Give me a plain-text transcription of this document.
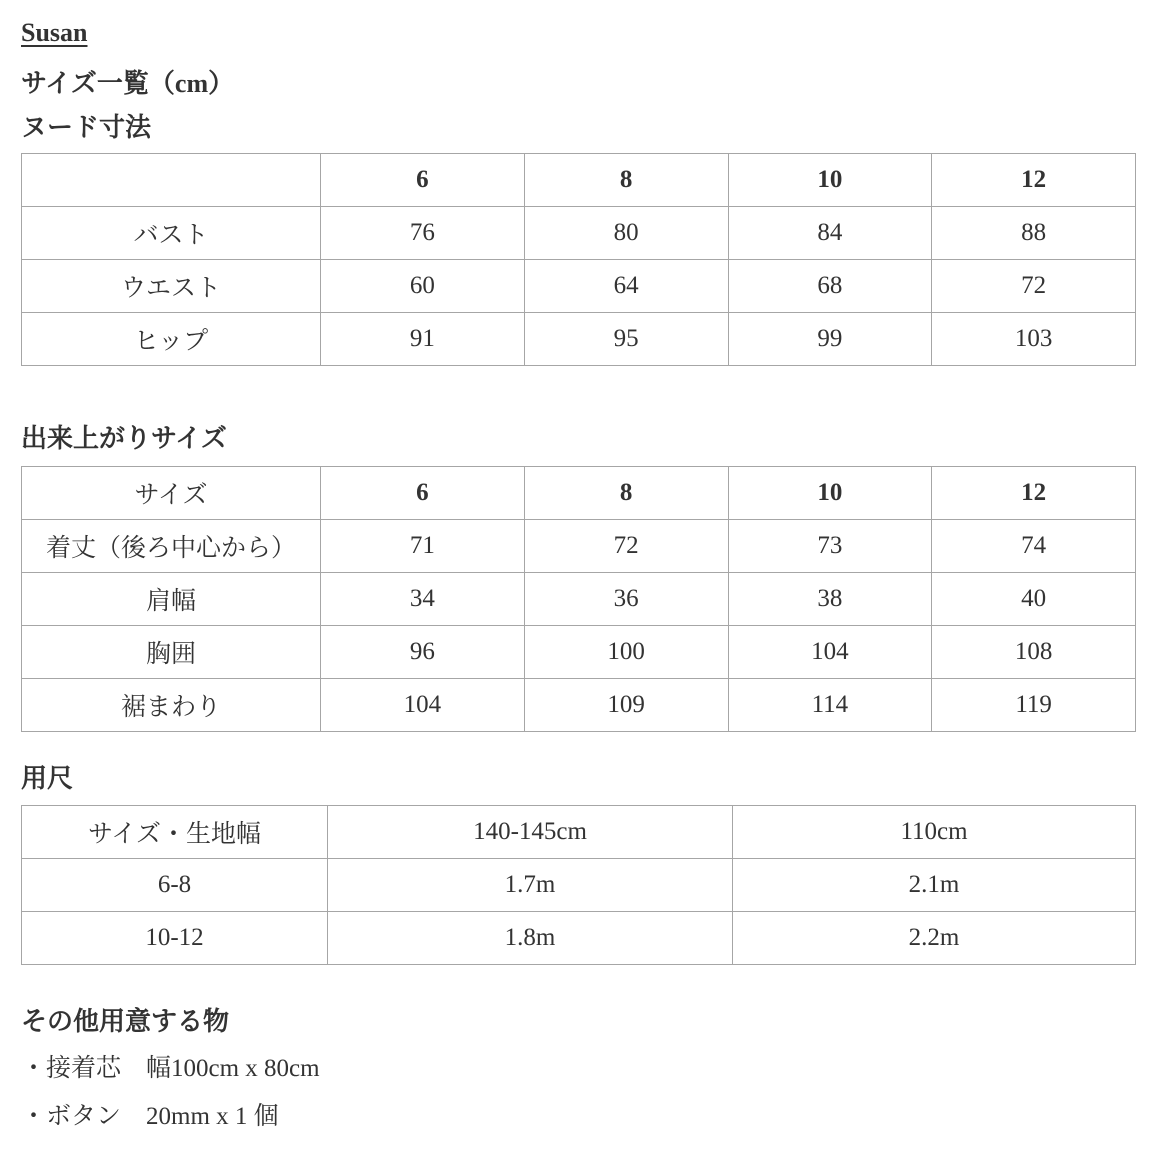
Susan
サイズ一覧（cm）
ヌード寸法
	6	8	10	12
バスト	76	80	84	88
ウエスト	60	64	68	72
ヒップ	91	95	99	103
出来上がりサイズ
サイズ	6	8	10	12
着丈（後ろ中心から）	71	72	73	74
肩幅	34	36	38	40
胸囲	96	100	104	108
裾まわり	104	109	114	119
用尺
サイズ・生地幅	140-145cm	110cm
6-8	1.7m	2.1m
10-12	1.8m	2.2m
その他用意する物

・接着芯　幅100cm x 80cm

・ボタン　20mm x 1 個
